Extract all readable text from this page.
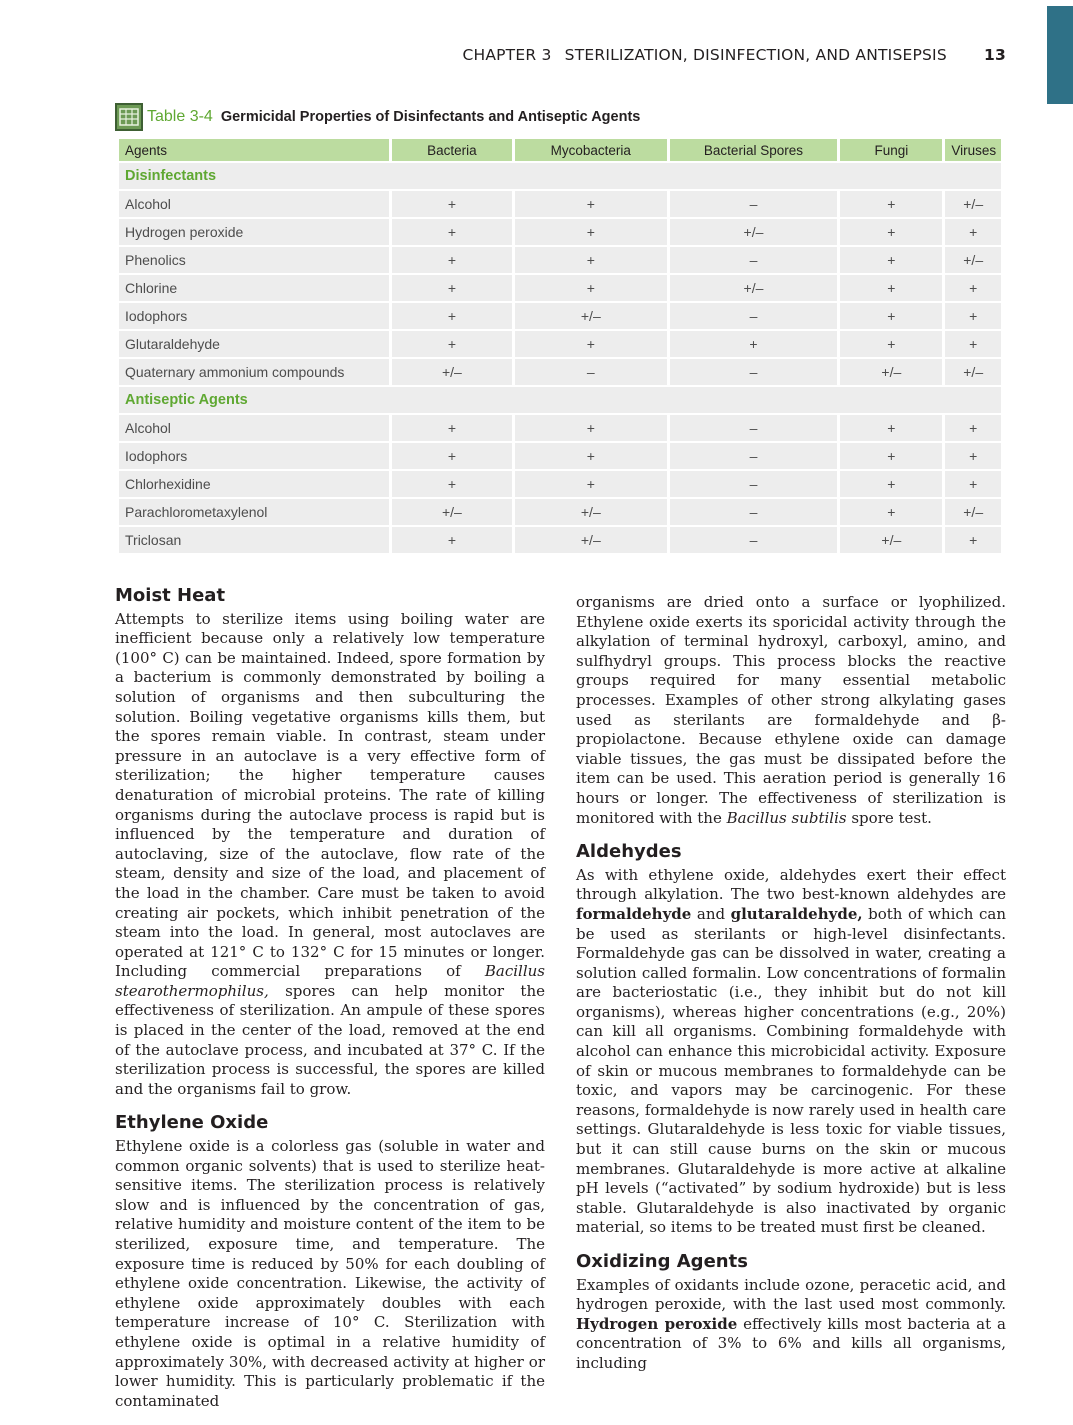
CHAPTER 3 STERILIZATION, DISINFECTION, AND ANTISEPSIS 13
Table 3-4 Germicidal Properties of Disinfectants and Antiseptic Agents
Agents	Bacteria	Mycobacteria	Bacterial Spores	Fungi	Viruses
Disinfectants					
Alcohol	+	+	–	+	+/–
Hydrogen peroxide	+	+	+/–	+	+
Phenolics	+	+	–	+	+/–
Chlorine	+	+	+/–	+	+
Iodophors	+	+/–	–	+	+
Glutaraldehyde	+	+	+	+	+
Quaternary ammonium compounds	+/–	–	–	+/–	+/–
Antiseptic Agents					
Alcohol	+	+	–	+	+
Iodophors	+	+	–	+	+
Chlorhexidine	+	+	–	+	+
Parachlorometaxylenol	+/–	+/–	–	+	+/–
Triclosan	+	+/–	–	+/–	+
Moist Heat

Attempts to sterilize items using boiling water are inefficient because only a relatively low temperature (100° C) can be maintained. Indeed, spore formation by a bacterium is commonly demonstrated by boiling a solution of organisms and then subculturing the solution. Boiling vegetative organisms kills them, but the spores remain viable. In contrast, steam under pressure in an autoclave is a very effective form of sterilization; the higher temperature causes denaturation of microbial proteins. The rate of killing organisms during the autoclave process is rapid but is influenced by the temperature and duration of autoclaving, size of the autoclave, flow rate of the steam, density and size of the load, and placement of the load in the chamber. Care must be taken to avoid creating air pockets, which inhibit penetration of the steam into the load. In general, most autoclaves are operated at 121° C to 132° C for 15 minutes or longer. Including commercial preparations of Bacillus stearothermophilus, spores can help monitor the effectiveness of sterilization. An ampule of these spores is placed in the center of the load, removed at the end of the autoclave process, and incubated at 37° C. If the sterilization process is successful, the spores are killed and the organisms fail to grow.

Ethylene Oxide

Ethylene oxide is a colorless gas (soluble in water and common organic solvents) that is used to sterilize heat-sensitive items. The sterilization process is relatively slow and is influenced by the concentration of gas, relative humidity and moisture content of the item to be sterilized, exposure time, and temperature. The exposure time is reduced by 50% for each doubling of ethylene oxide concentration. Likewise, the activity of ethylene oxide approximately doubles with each temperature increase of 10° C. Sterilization with ethylene oxide is optimal in a relative humidity of approximately 30%, with decreased activity at higher or lower humidity. This is particularly problematic if the contaminated

organisms are dried onto a surface or lyophilized. Ethylene oxide exerts its sporicidal activity through the alkylation of terminal hydroxyl, carboxyl, amino, and sulfhydryl groups. This process blocks the reactive groups required for many essential metabolic processes. Examples of other strong alkylating gases used as sterilants are formaldehyde and β-propiolactone. Because ethylene oxide can damage viable tissues, the gas must be dissipated before the item can be used. This aeration period is generally 16 hours or longer. The effectiveness of sterilization is monitored with the Bacillus subtilis spore test.

Aldehydes

As with ethylene oxide, aldehydes exert their effect through alkylation. The two best-known aldehydes are formaldehyde and glutaraldehyde, both of which can be used as sterilants or high-level disinfectants. Formaldehyde gas can be dissolved in water, creating a solution called formalin. Low concentrations of formalin are bacteriostatic (i.e., they inhibit but do not kill organisms), whereas higher concentrations (e.g., 20%) can kill all organisms. Combining formaldehyde with alcohol can enhance this microbicidal activity. Exposure of skin or mucous membranes to formaldehyde can be toxic, and vapors may be carcinogenic. For these reasons, formaldehyde is now rarely used in health care settings. Glutaraldehyde is less toxic for viable tissues, but it can still cause burns on the skin or mucous membranes. Glutaraldehyde is more active at alkaline pH levels (“activated” by sodium hydroxide) but is less stable. Glutaraldehyde is also inactivated by organic material, so items to be treated must first be cleaned.

Oxidizing Agents

Examples of oxidants include ozone, peracetic acid, and hydrogen peroxide, with the last used most commonly. Hydrogen peroxide effectively kills most bacteria at a concentration of 3% to 6% and kills all organisms, including
